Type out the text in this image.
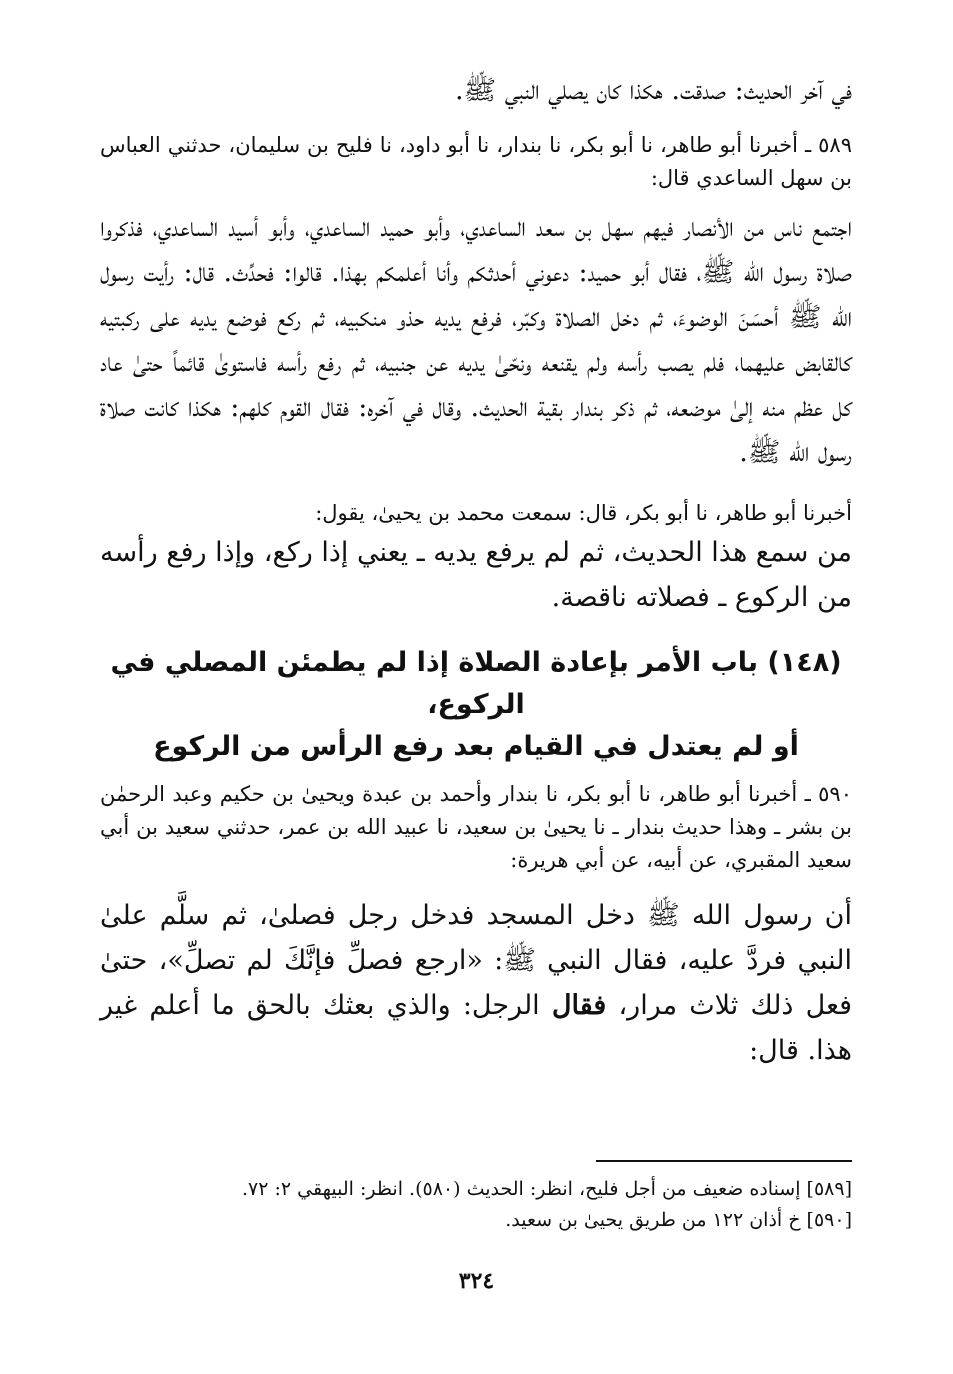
في آخر الحديث: صدقت. هكذا كان يصلي النبي ﷺ.

٥٨٩ ـ أخبرنا أبو طاهر، نا أبو بكر، نا بندار، نا أبو داود، نا فليح بن سليمان، حدثني العباس بن سهل الساعدي قال:

اجتمع ناس من الأنصار فيهم سهل بن سعد الساعدي، وأبو حميد الساعدي، وأبو أسيد الساعدي، فذكروا صلاة رسول الله ﷺ، فقال أبو حميد: دعوني أحدثكم وأنا أعلمكم بهذا. قالوا: فحدِّث. قال: رأيت رسول الله ﷺ أحسَنَ الوضوءَ، ثم دخل الصلاة وكبّر، فرفع يديه حذو منكبيه، ثم ركع فوضع يديه على ركبتيه كالقابض عليهما، فلم يصب رأسه ولم يقنعه ونحّىٰ يديه عن جنبيه، ثم رفع رأسه فاستوىٰ قائماً حتىٰ عاد كل عظم منه إلىٰ موضعه، ثم ذكر بندار بقية الحديث. وقال في آخره: فقال القوم كلهم: هكذا كانت صلاة رسول الله ﷺ.

أخبرنا أبو طاهر، نا أبو بكر، قال: سمعت محمد بن يحيىٰ، يقول:

من سمع هذا الحديث، ثم لم يرفع يديه ـ يعني إذا ركع، وإذا رفع رأسه من الركوع ـ فصلاته ناقصة.

(١٤٨) باب الأمر بإعادة الصلاة إذا لم يطمئن المصلي في الركوع،

أو لم يعتدل في القيام بعد رفع الرأس من الركوع

٥٩٠ ـ أخبرنا أبو طاهر، نا أبو بكر، نا بندار وأحمد بن عبدة ويحيىٰ بن حكيم وعبد الرحمٰن بن بشر ـ وهذا حديث بندار ـ نا يحيىٰ بن سعيد، نا عبيد الله بن عمر، حدثني سعيد بن أبي سعيد المقبري، عن أبيه، عن أبي هريرة:

أن رسول الله ﷺ دخل المسجد فدخل رجل فصلىٰ، ثم سلَّم علىٰ النبي فردَّ عليه، فقال النبي ﷺ: «ارجع فصلِّ فإنَّكَ لم تصلِّ»، حتىٰ فعل ذلك ثلاث مرار، فقال الرجل: والذي بعثك بالحق ما أعلم غير هذا. قال:

[٥٨٩] إسناده ضعيف من أجل فليح، انظر: الحديث (٥٨٠). انظر: البيهقي ٢: ٧٢.

[٥٩٠] خ أذان ١٢٢ من طريق يحيىٰ بن سعيد.

٣٢٤
